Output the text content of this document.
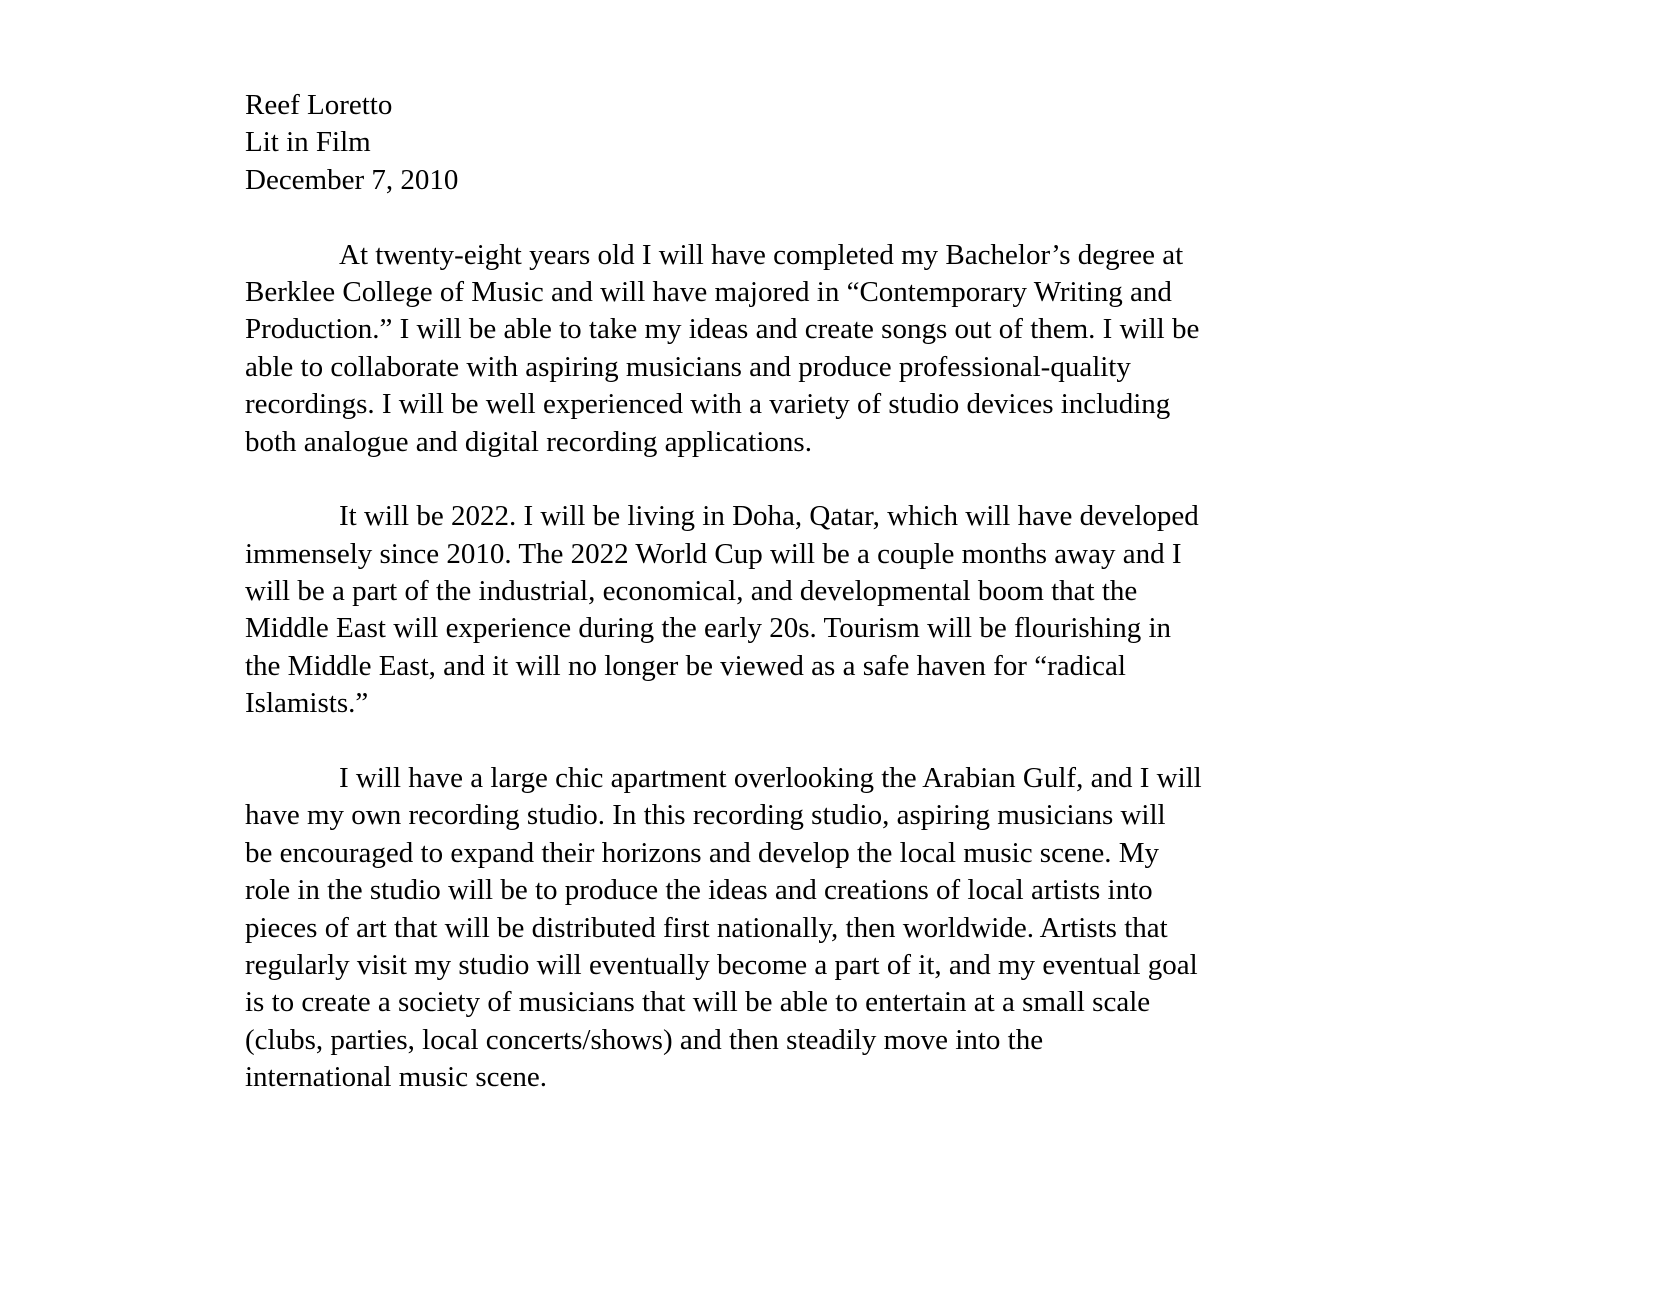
Reef Loretto
Lit in Film
December 7, 2010
At twenty-eight years old I will have completed my Bachelor’s degree at
Berklee College of Music and will have majored in “Contemporary Writing and
Production.” I will be able to take my ideas and create songs out of them. I will be
able to collaborate with aspiring musicians and produce professional-quality
recordings. I will be well experienced with a variety of studio devices including
both analogue and digital recording applications.
It will be 2022. I will be living in Doha, Qatar, which will have developed
immensely since 2010. The 2022 World Cup will be a couple months away and I
will be a part of the industrial, economical, and developmental boom that the
Middle East will experience during the early 20s. Tourism will be flourishing in
the Middle East, and it will no longer be viewed as a safe haven for “radical
Islamists.”
I will have a large chic apartment overlooking the Arabian Gulf, and I will
have my own recording studio. In this recording studio, aspiring musicians will
be encouraged to expand their horizons and develop the local music scene. My
role in the studio will be to produce the ideas and creations of local artists into
pieces of art that will be distributed first nationally, then worldwide. Artists that
regularly visit my studio will eventually become a part of it, and my eventual goal
is to create a society of musicians that will be able to entertain at a small scale
(clubs, parties, local concerts/shows) and then steadily move into the
international music scene.
